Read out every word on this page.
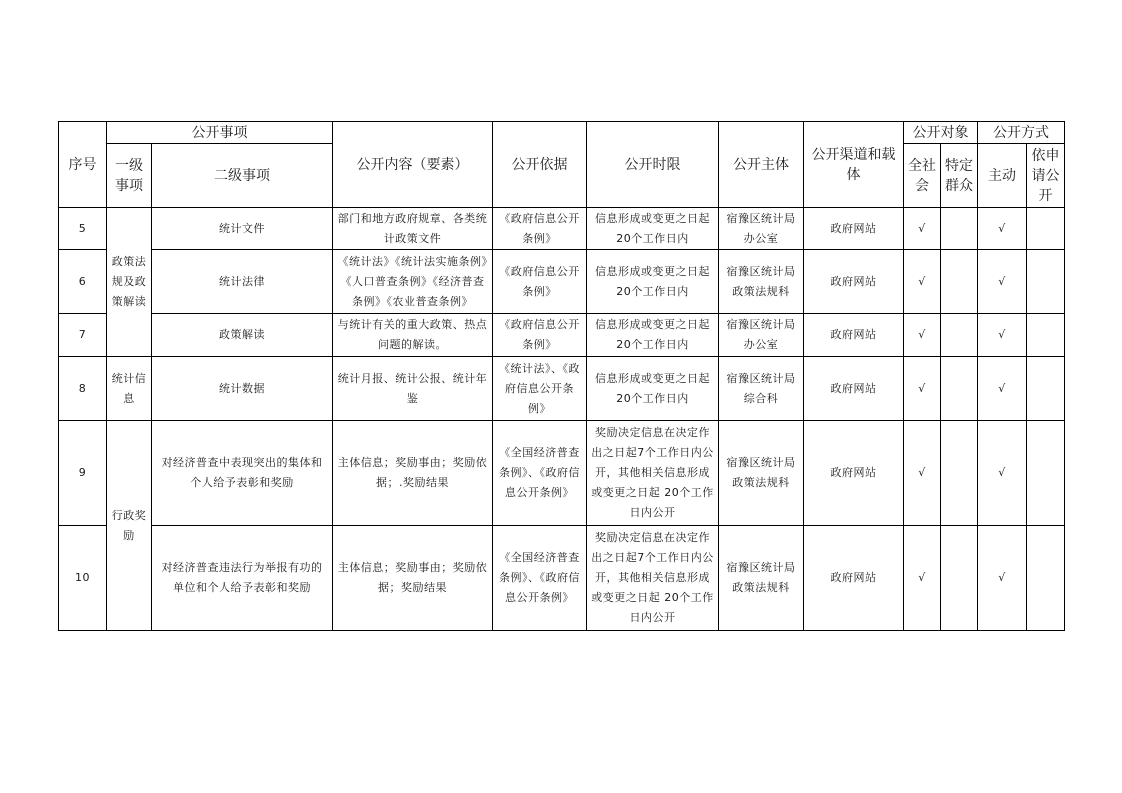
序号	公开事项		公开内容（要素）	公开依据	公开时限	公开主体	公开渠道和载体	公开对象		公开方式	
	一级事项	二级事项						全社会	特定群众	主动	依申请公开
5	政策法规及政策解读	统计文件	部门和地方政府规章、各类统计政策文件	《政府信息公开条例》	信息形成或变更之日起20个工作日内	宿豫区统计局办公室	政府网站	√		√	
6		统计法律	《统计法》《统计法实施条例》《人口普查条例》《经济普查条例》《农业普查条例》	《政府信息公开条例》	信息形成或变更之日起20个工作日内	宿豫区统计局政策法规科	政府网站	√		√	
7		政策解读	与统计有关的重大政策、热点问题的解读。	《政府信息公开条例》	信息形成或变更之日起20个工作日内	宿豫区统计局办公室	政府网站	√		√	
8	统计信息	统计数据	统计月报、统计公报、统计年鉴	《统计法》、《政府信息公开条例》	信息形成或变更之日起20个工作日内	宿豫区统计局综合科	政府网站	√		√	
9	行政奖励	对经济普查中表现突出的集体和个人给予表彰和奖励	主体信息；奖励事由；奖励依据；.奖励结果	《全国经济普查条例》、《政府信息公开条例》	奖励决定信息在决定作出之日起7个工作日内公开，其他相关信息形成或变更之日起 20个工作日内公开	宿豫区统计局政策法规科	政府网站	√		√	
10		对经济普查违法行为举报有功的单位和个人给予表彰和奖励	主体信息；奖励事由；奖励依据；奖励结果	《全国经济普查条例》、《政府信息公开条例》	奖励决定信息在决定作出之日起7个工作日内公开，其他相关信息形成或变更之日起 20个工作日内公开	宿豫区统计局政策法规科	政府网站	√		√	
